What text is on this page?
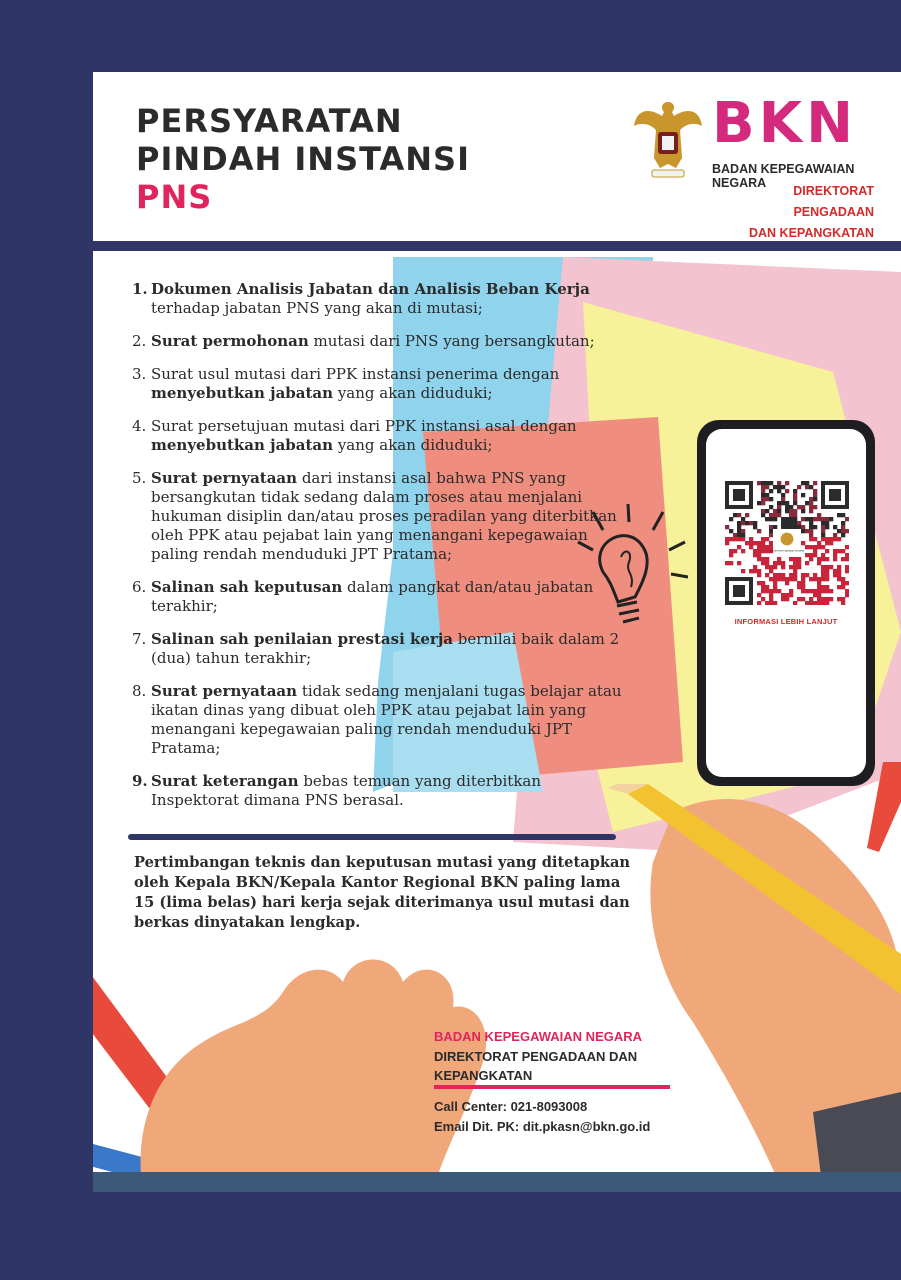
PERSYARATAN
PINDAH INSTANSI
PNS
BKN
BADAN KEPEGAWAIAN NEGARA
DIREKTORAT PENGADAAN
DAN KEPANGKATAN
1. Dokumen Analisis Jabatan dan Analisis Beban Kerja terhadap jabatan PNS yang akan di mutasi;
2. Surat permohonan mutasi dari PNS yang bersangkutan;
3. Surat usul mutasi dari PPK instansi penerima dengan menyebutkan jabatan yang akan diduduki;
4. Surat persetujuan mutasi dari PPK instansi asal dengan menyebutkan jabatan yang akan diduduki;
5. Surat pernyataan dari instansi asal bahwa PNS yang bersangkutan tidak sedang dalam proses atau menjalani hukuman disiplin dan/atau proses peradilan yang diterbitkan oleh PPK atau pejabat lain yang menangani kepegawaian paling rendah menduduki JPT Pratama;
6. Salinan sah keputusan dalam pangkat dan/atau jabatan terakhir;
7. Salinan sah penilaian prestasi kerja bernilai baik dalam 2 (dua) tahun terakhir;
8. Surat pernyataan tidak sedang menjalani tugas belajar atau ikatan dinas yang dibuat oleh PPK atau pejabat lain yang menangani kepegawaian paling rendah menduduki JPT Pratama;
9. Surat keterangan bebas temuan yang diterbitkan Inspektorat dimana PNS berasal.
Pertimbangan teknis dan keputusan mutasi yang ditetapkan oleh Kepala BKN/Kepala Kantor Regional BKN paling lama 15 (lima belas) hari kerja sejak diterimanya usul mutasi dan berkas dinyatakan lengkap.
BADAN KEPEGAWAIAN NEGARA
INFORMASI LEBIH LANJUT
BADAN KEPEGAWAIAN NEGARA
DIREKTORAT PENGADAAN DAN KEPANGKATAN
Call Center: 021-8093008
Email Dit. PK: dit.pkasn@bkn.go.id
